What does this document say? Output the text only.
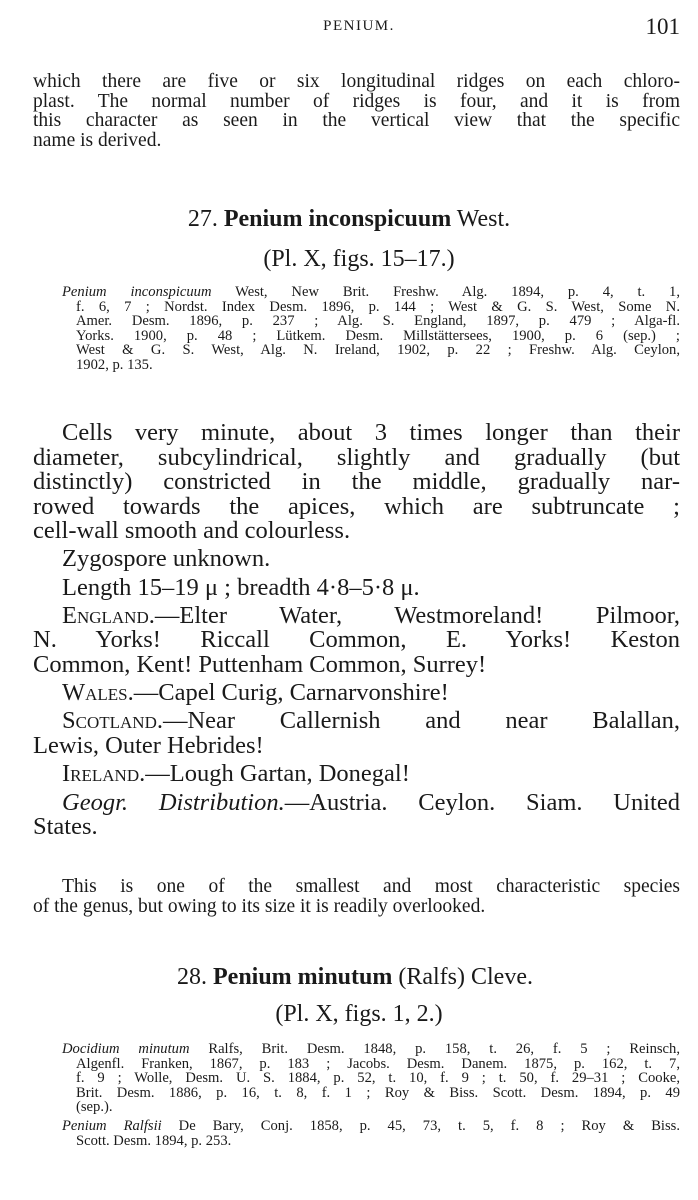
PENIUM.	101
which there are five or six longitudinal ridges on each chloro-
plast. The normal number of ridges is four, and it is from
this character as seen in the vertical view that the specific
name is derived.
27. Penium inconspicuum West.
(Pl. X, figs. 15–17.)
Penium inconspicuum West, New Brit. Freshw. Alg. 1894, p. 4, t. 1,
f. 6, 7 ; Nordst. Index Desm. 1896, p. 144 ; West & G. S. West, Some N.
Amer. Desm. 1896, p. 237 ; Alg. S. England, 1897, p. 479 ; Alga-fl.
Yorks. 1900, p. 48 ; Lütkem. Desm. Millstättersees, 1900, p. 6 (sep.) ;
West & G. S. West, Alg. N. Ireland, 1902, p. 22 ; Freshw. Alg. Ceylon,
1902, p. 135.
Cells very minute, about 3 times longer than their
diameter, subcylindrical, slightly and gradually (but
distinctly) constricted in the middle, gradually nar-
rowed towards the apices, which are subtruncate ;
cell-wall smooth and colourless.
Zygospore unknown.
Length 15–19 μ ; breadth 4·8–5·8 μ.
England.—Elter Water, Westmoreland! Pilmoor,
N. Yorks! Riccall Common, E. Yorks! Keston
Common, Kent! Puttenham Common, Surrey!
Wales.—Capel Curig, Carnarvonshire!
Scotland.—Near Callernish and near Balallan,
Lewis, Outer Hebrides!
Ireland.—Lough Gartan, Donegal!
Geogr. Distribution.—Austria. Ceylon. Siam. United
States.
This is one of the smallest and most characteristic species
of the genus, but owing to its size it is readily overlooked.
28. Penium minutum (Ralfs) Cleve.
(Pl. X, figs. 1, 2.)
Docidium minutum Ralfs, Brit. Desm. 1848, p. 158, t. 26, f. 5 ; Reinsch,
Algenfl. Franken, 1867, p. 183 ; Jacobs. Desm. Danem. 1875, p. 162, t. 7,
f. 9 ; Wolle, Desm. U. S. 1884, p. 52, t. 10, f. 9 ; t. 50, f. 29–31 ; Cooke,
Brit. Desm. 1886, p. 16, t. 8, f. 1 ; Roy & Biss. Scott. Desm. 1894, p. 49
(sep.).
Penium Ralfsii De Bary, Conj. 1858, p. 45, 73, t. 5, f. 8 ; Roy & Biss.
Scott. Desm. 1894, p. 253.
